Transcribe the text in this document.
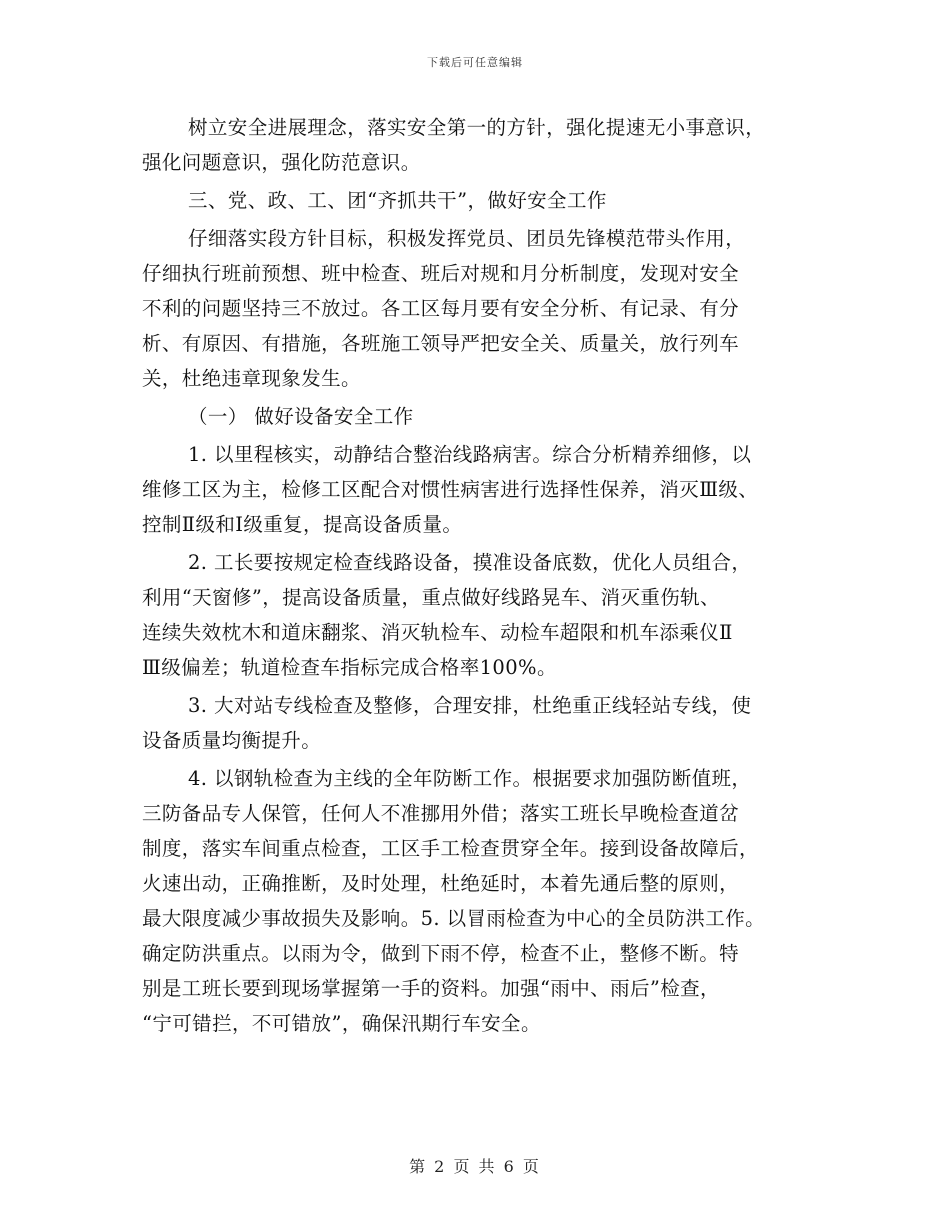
下载后可任意编辑
树立安全进展理念，落实安全第一的方针，强化提速无小事意识，
强化问题意识，强化防范意识。
三、党、政、工、团“齐抓共干”，做好安全工作
仔细落实段方针目标，积极发挥党员、团员先锋模范带头作用，
仔细执行班前预想、班中检查、班后对规和月分析制度，发现对安全
不利的问题坚持三不放过。各工区每月要有安全分析、有记录、有分
析、有原因、有措施，各班施工领导严把安全关、质量关，放行列车
关，杜绝违章现象发生。
（一） 做好设备安全工作
1. 以里程核实，动静结合整治线路病害。综合分析精养细修，以
维修工区为主，检修工区配合对惯性病害进行选择性保养，消灭Ⅲ级、
控制Ⅱ级和Ⅰ级重复，提高设备质量。
2. 工长要按规定检查线路设备，摸准设备底数，优化人员组合，
利用“天窗修”，提高设备质量，重点做好线路晃车、消灭重伤轨、
连续失效枕木和道床翻浆、消灭轨检车、动检车超限和机车添乘仪Ⅱ
Ⅲ级偏差；轨道检查车指标完成合格率100%。
3. 大对站专线检查及整修，合理安排，杜绝重正线轻站专线，使
设备质量均衡提升。
4. 以钢轨检查为主线的全年防断工作。根据要求加强防断值班，
三防备品专人保管，任何人不准挪用外借；落实工班长早晚检查道岔
制度，落实车间重点检查，工区手工检查贯穿全年。接到设备故障后，
火速出动，正确推断，及时处理，杜绝延时，本着先通后整的原则，
最大限度减少事故损失及影响。5. 以冒雨检查为中心的全员防洪工作。
确定防洪重点。以雨为令，做到下雨不停，检查不止，整修不断。特
别是工班长要到现场掌握第一手的资料。加强“雨中、雨后”检查，
“宁可错拦，不可错放”，确保汛期行车安全。
第 2 页 共 6 页
